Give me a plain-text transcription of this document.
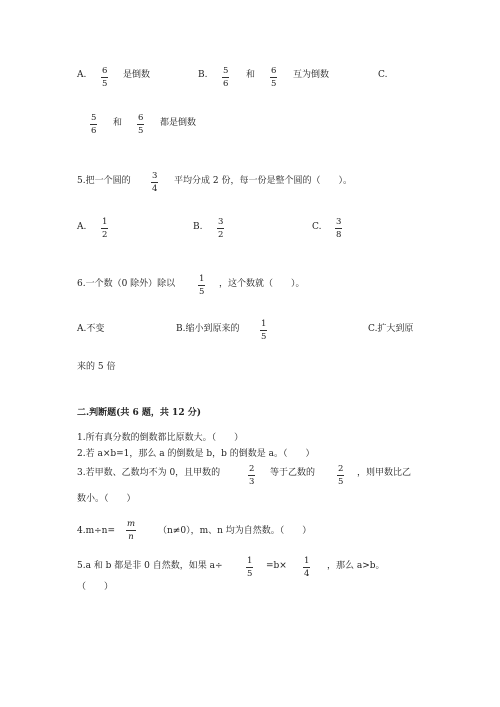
A. $\frac{6}{5}$ 是倒数	B. $\frac{5}{6}$ 和 $\frac{6}{5}$ 互为倒数	C.
$\frac{5}{6}$ 和 $\frac{6}{5}$ 都是倒数
5.把一个圆的 $\frac{3}{4}$ 平均分成 2 份，每一份是整个圆的（　　）。
A. $\frac{1}{2}$	B. $\frac{3}{2}$	C. $\frac{3}{8}$
6.一个数（0 除外）除以	$\frac{1}{5}$ ，这个数就（　　）。
A.不变	B.缩小到原来的 $\frac{1}{5}$	C.扩大到原
来的 5 倍
二.判断题(共 6 题，共 12 分)
1.所有真分数的倒数都比原数大。（　　）
2.若 a×b=1，那么 a 的倒数是 b，b 的倒数是 a。（　　）
3.若甲数、乙数均不为 0，且甲数的	$\frac{2}{3}$ 等于乙数的	$\frac{2}{5}$ ，则甲数比乙
数小。（　　）
$4.m\div n= \frac{m}{n} (n\ne 0)$，m、n 均为自然数。（　　）
5.a 和 b 都是非 0 自然数，如果 a÷	$\frac{1}{5} =b\times \frac{1}{4}$ ，那么 a>b。
（　　）
